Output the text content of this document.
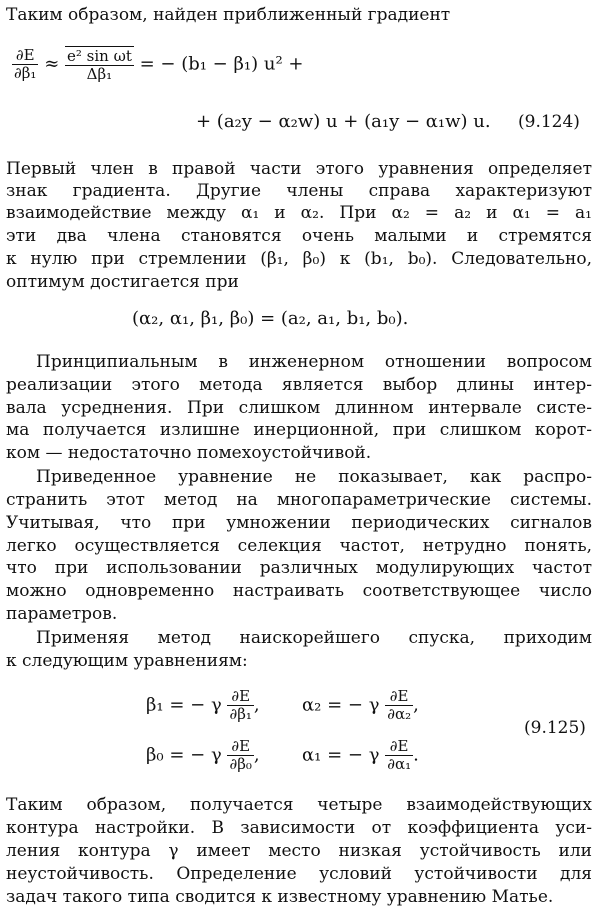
Таким образом, найден приближенный градиент
$\frac{\partial E}{\text{∂β₁}} \approx \frac{\text{e² sin ωt}}{\text{Δβ₁}}$ = − (b₁ − β₁) u² +
+ (a₂y − α₂w) u + (a₁y − α₁w) u. (9.124)
Первый член в правой части этого уравнения определяет
знак градиента. Другие члены справа характеризуют
взаимодействие между α₁ и α₂. При α₂ = a₂ и α₁ = a₁
эти два члена становятся очень малыми и стремятся
к нулю при стремлении (β₁, β₀) к (b₁, b₀). Следовательно,
оптимум достигается при
(α₂, α₁, β₁, β₀) = (a₂, a₁, b₁, b₀).
Принципиальным в инженерном отношении вопросом
реализации этого метода является выбор длины интер-
вала усреднения. При слишком длинном интервале систе-
ма получается излишне инерционной, при слишком корот-
ком — недостаточно помехоустойчивой.
Приведенное уравнение не показывает, как распро-
странить этот метод на многопараметрические системы.
Учитывая, что при умножении периодических сигналов
легко осуществляется селекция частот, нетрудно понять,
что при использовании различных модулирующих частот
можно одновременно настраивать соответствующее число
параметров.
Применяя метод наискорейшего спуска, приходим
к следующим уравнениям:
β₁ = − γ $\frac{\partial E}{\text{∂β₁}}$ , α₂ = − γ $\frac{\partial E}{\text{∂α₂}}$ ,
(9.125)
β₀ = − γ $\frac{\partial E}{\text{∂β₀}}$ , α₁ = − γ $\frac{\partial E}{\text{∂α₁}}$ .
Таким образом, получается четыре взаимодействующих
контура настройки. В зависимости от коэффициента уси-
ления контура γ имеет место низкая устойчивость или
неустойчивость. Определение условий устойчивости для
задач такого типа сводится к известному уравнению Матье.
